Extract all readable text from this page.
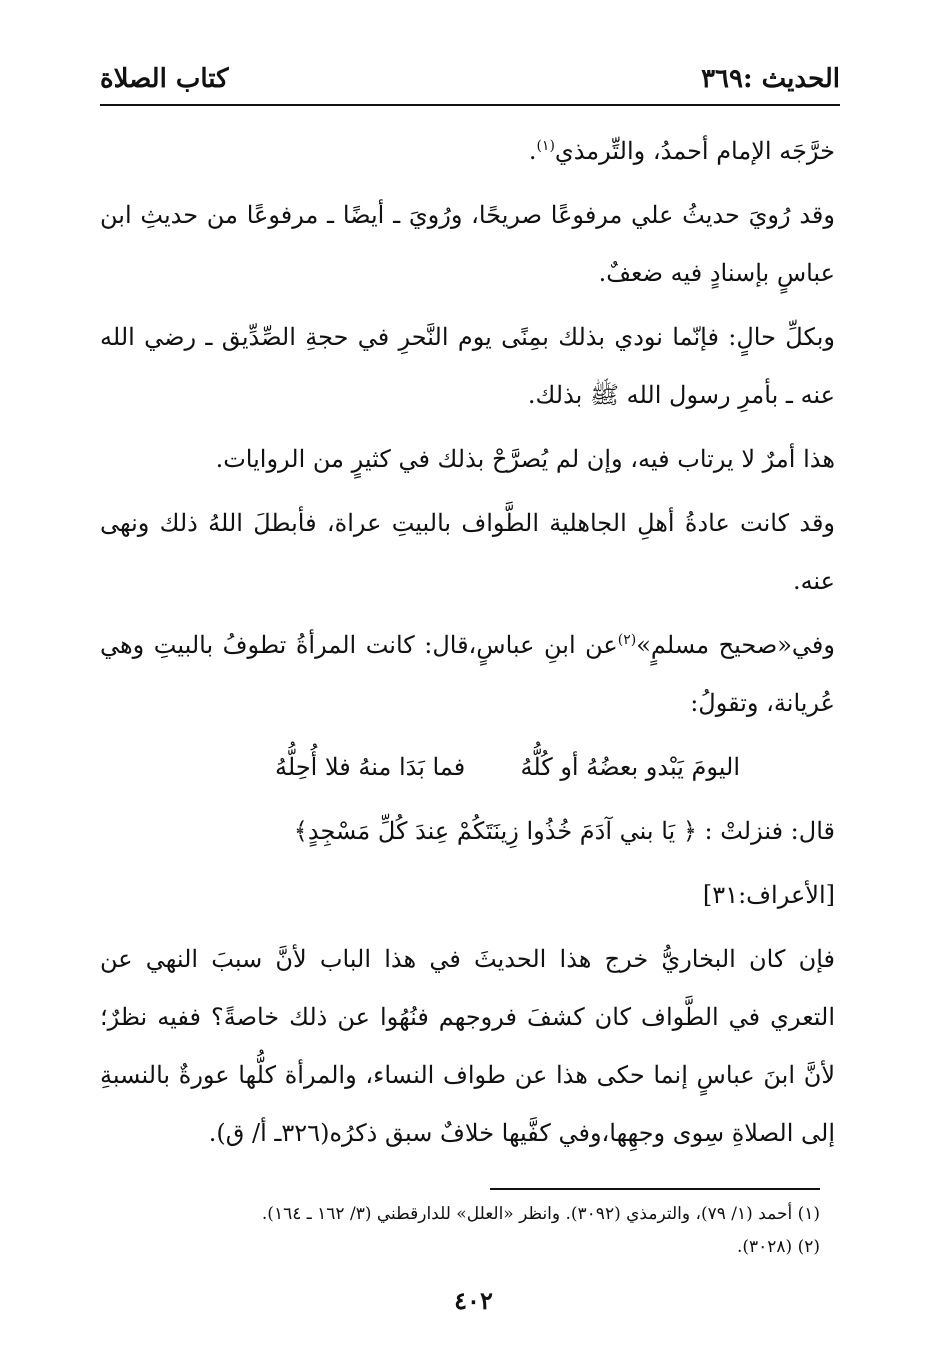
الحديث :٣٦٩
كتاب الصلاة

خرَّجَه الإمام أحمدُ، والتِّرمذي$^{(١)}$.

وقد رُويَ حديثُ علي مرفوعًا صريحًا، ورُويَ ـ أيضًا ـ مرفوعًا من حديثِ ابن عباسٍ بإسنادٍ فيه ضعفٌ.

وبكلِّ حالٍ: فإنّما نودي بذلك بمِنًى يوم النَّحرِ في حجةِ الصِّدِّيق ـ رضي الله عنه ـ بأمرِ رسول الله ﷺ بذلك.

هذا أمرٌ لا يرتاب فيه، وإن لم يُصرَّحْ بذلك في كثيرٍ من الروايات.

وقد كانت عادةُ أهلِ الجاهلية الطَّواف بالبيتِ عراة، فأبطلَ اللهُ ذلك ونهى عنه.

وفي«صحيح مسلمٍ»$^{(٢)}$عن ابنِ عباسٍ،قال: كانت المرأةُ تطوفُ بالبيتِ وهي عُريانة، وتقولُ:

اليومَ يَبْدو بعضُهُ أو كُلُّهُ
فما بَدَا منهُ فلا أُحِلُّهُ

قال: فنزلتْ : ﴿ يَا بني آدَمَ خُذُوا زِينَتَكُمْ عِندَ كُلِّ مَسْجِدٍ﴾

[الأعراف:٣١]

فإن كان البخاريُّ خرج هذا الحديثَ في هذا الباب لأنَّ سببَ النهي عن التعري في الطَّواف كان كشفَ فروجهم فنُهُوا عن ذلك خاصةً؟ ففيه نظرٌ؛ لأنَّ ابنَ عباسٍ إنما حكى هذا عن طواف النساء، والمرأة كلُّها عورةٌ بالنسبةِ إلى الصلاةِ سِوى وجهِها،وفي كفَّيها خلافٌ سبق ذكرُه(٣٢٦ـ أ/ ق).

(١) أحمد (١/ ٧٩)، والترمذي (٣٠٩٢). وانظر «العلل» للدارقطني (٣/ ١٦٢ ـ ١٦٤).
(٢) (٣٠٢٨).
٤٠٢
